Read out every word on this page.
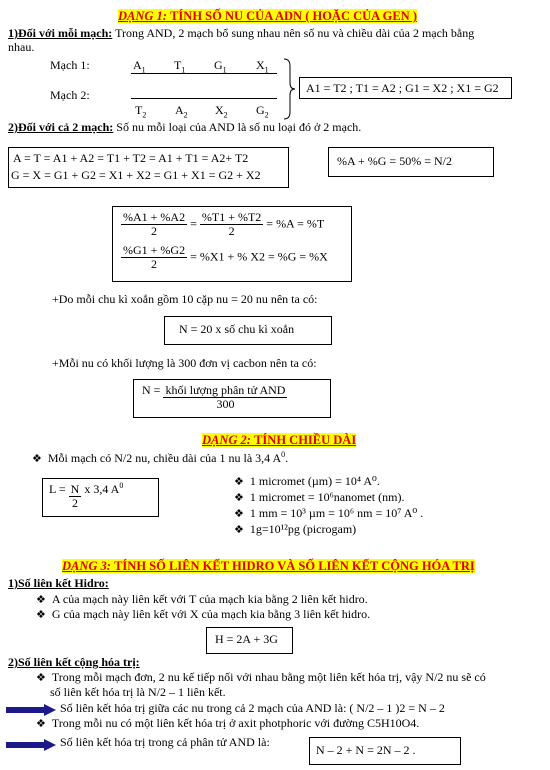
DẠNG 1: TÍNH SỐ NU CỦA ADN ( HOẶC CỦA GEN )
1)Đối với mỗi mạch: Trong AND, 2 mạch bổ sung nhau nên số nu và chiều dài của 2 mạch bằng
nhau.
Mạch 1:
Mạch 2:
$A_1$ $T_1$ $G_1$ $X_1$
$T_2$ $A_2$ $X_2$ $G_2$
A1 = T2 ; T1 = A2 ; G1 = X2 ; X1 = G2
2)Đối với cả 2 mạch: Số nu mỗi loại của AND là số nu loại đó ở 2 mạch.
A = T = A1 + A2 = T1 + T2 = A1 + T1 = A2+ T2
G = X = G1 + G2 = X1 + X2 = G1 + X1 = G2 + X2
%A + %G = 50% = N/2
$\frac{\%A1 + \%A2}{2} = \frac{\%T1 + \%T2}{2} = \%A = \%T$
$\frac{\%G1 + \%G2}{2} = \%X1$ + % X2 = %G = %X
+Do mỗi chu kì xoắn gồm 10 cặp nu = 20 nu nên ta có:
N = 20 x số chu kì xoắn
+Mỗi nu có khối lượng là 300 đơn vị cacbon nên ta có:
$N = \frac{\text{khối lượng phân tử AND}}{300}$
DẠNG 2: TÍNH CHIỀU DÀI
❖ Mỗi mạch có N/2 nu, chiều dài của 1 nu là 3,4 $A^0$.
$L = \frac{N}{2}$ x 3,4 $A^0$	❖ 1 micromet (µm) = 10⁴ A⁰.
❖ 1 micromet = 10⁶nanomet (nm).
❖ 1 mm = 10³ µm = 10⁶ nm = 10⁷ A⁰ .
❖ 1g=10¹²pg (picrogam)
DẠNG 3: TÍNH SỐ LIÊN KẾT HIDRO VÀ SỐ LIÊN KẾT CỘNG HÓA TRỊ
1)Số liên kết Hidro:
❖ A của mạch này liên kết với T của mạch kia bằng 2 liên kết hidro.
❖ G của mạch này liên kết với X của mạch kia bằng 3 liên kết hidro.
H = 2A + 3G
2)Số liên kết cộng hóa trị:
❖ Trong mỗi mạch đơn, 2 nu kế tiếp nối với nhau bằng một liên kết hóa trị, vậy N/2 nu sẽ có
số liên kết hóa trị là N/2 – 1 liên kết.
Số liên kết hóa trị giữa các nu trong cả 2 mạch của AND là: ( N/2 – 1 )2 = N – 2
❖ Trong mỗi nu có một liên kết hóa trị ở axit photphoric với đường C5H10O4.
Số liên kết hóa trị trong cả phân tử AND là:
N – 2 + N = 2N – 2 .
